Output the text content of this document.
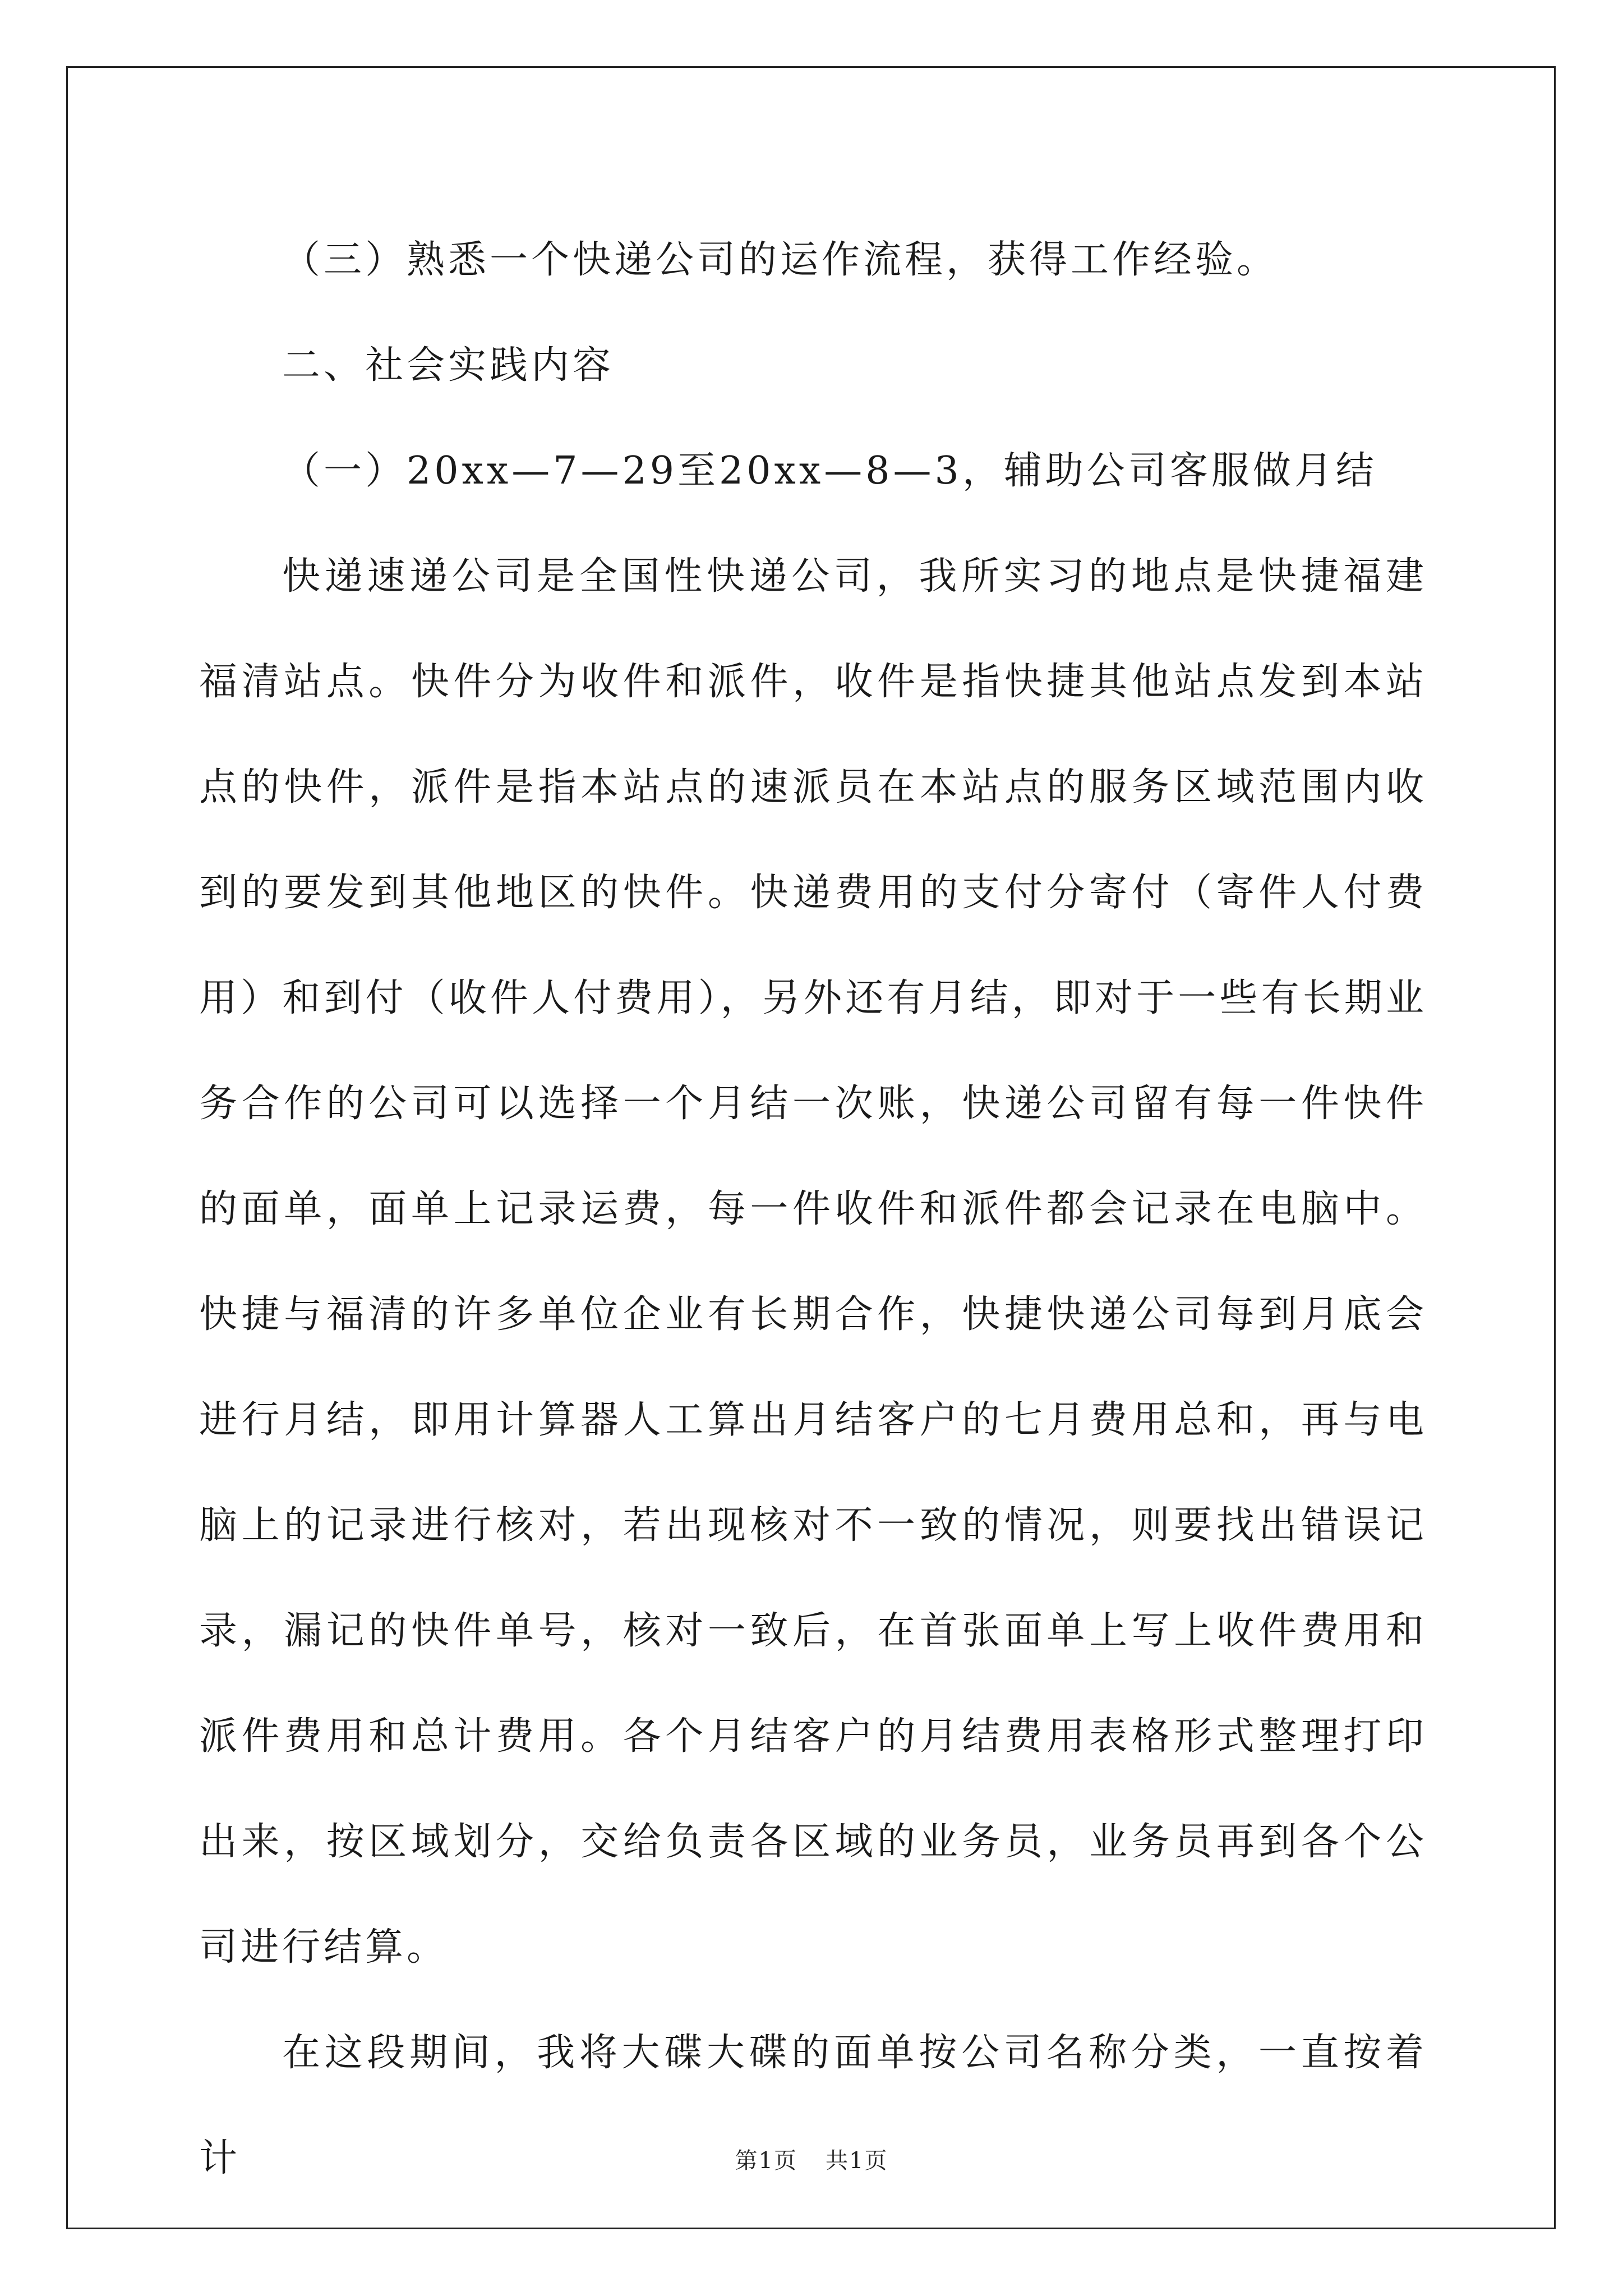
（三）熟悉一个快递公司的运作流程，获得工作经验。

二、社会实践内容

（一）20xx—7—29至20xx—8—3，辅助公司客服做月结

快递速递公司是全国性快递公司，我所实习的地点是快捷福建福清站点。快件分为收件和派件，收件是指快捷其他站点发到本站点的快件，派件是指本站点的速派员在本站点的服务区域范围内收到的要发到其他地区的快件。快递费用的支付分寄付（寄件人付费用）和到付（收件人付费用），另外还有月结，即对于一些有长期业务合作的公司可以选择一个月结一次账，快递公司留有每一件快件的面单，面单上记录运费，每一件收件和派件都会记录在电脑中。快捷与福清的许多单位企业有长期合作，快捷快递公司每到月底会进行月结，即用计算器人工算出月结客户的七月费用总和，再与电脑上的记录进行核对，若出现核对不一致的情况，则要找出错误记录，漏记的快件单号，核对一致后，在首张面单上写上收件费用和派件费用和总计费用。各个月结客户的月结费用表格形式整理打印出来，按区域划分，交给负责各区域的业务员，业务员再到各个公司进行结算。

在这段期间，我将大碟大碟的面单按公司名称分类，一直按着计	第1页 共1页
